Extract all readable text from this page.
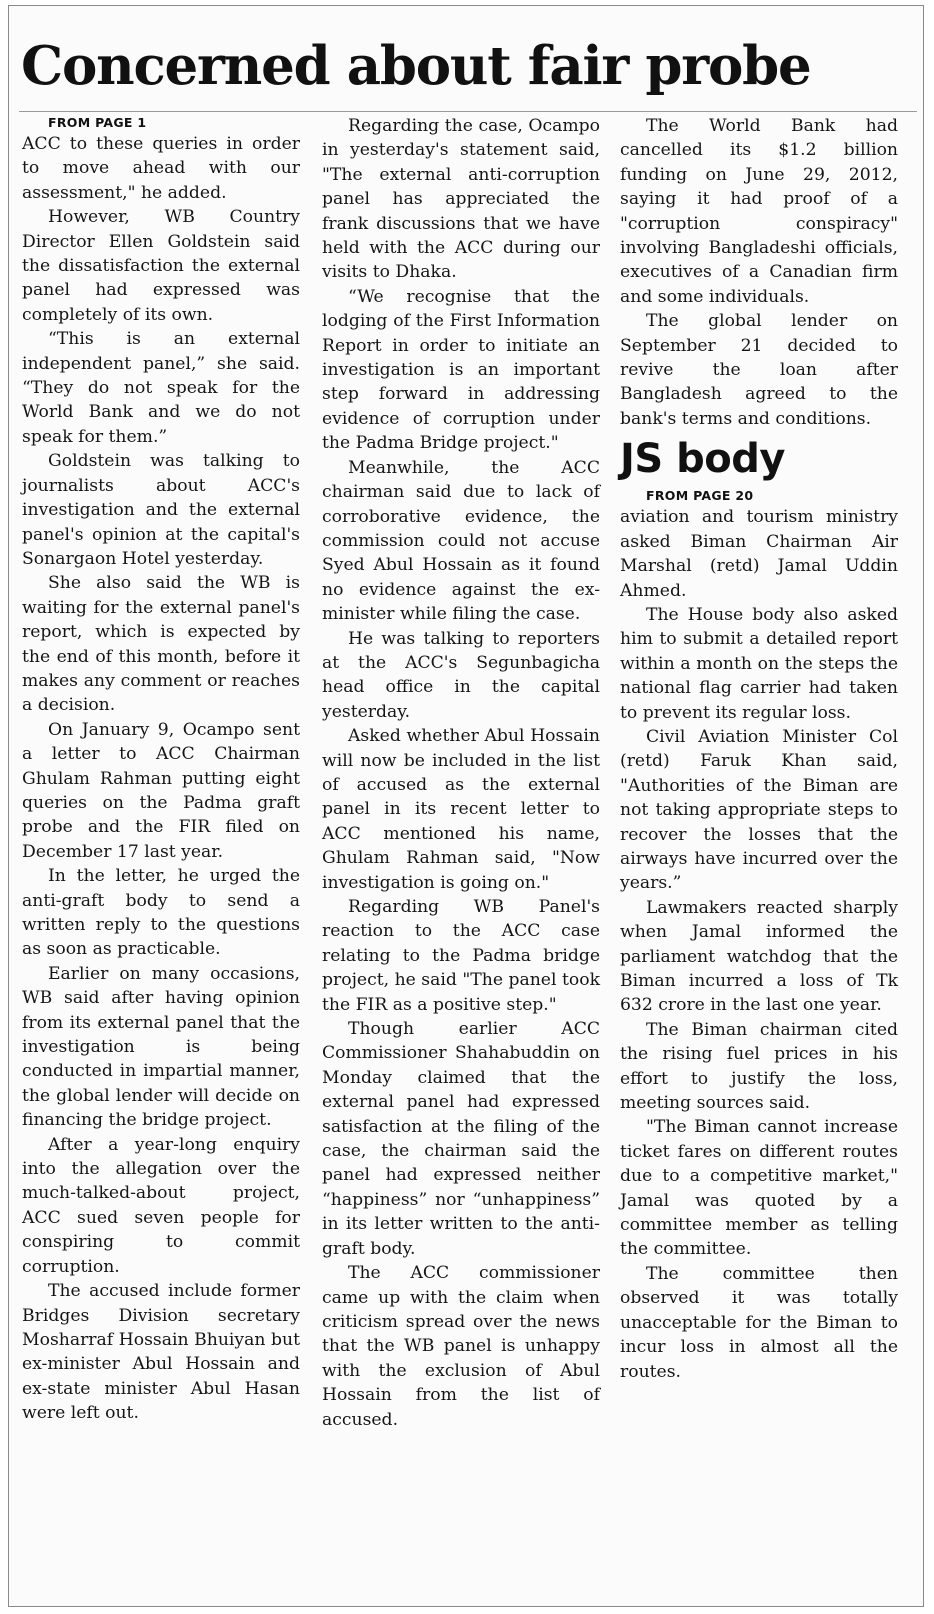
Concerned about fair probe

FROM PAGE 1

ACC to these queries in order to move ahead with our assessment," he added.

However, WB Country Director Ellen Goldstein said the dissatisfaction the external panel had expressed was completely of its own.

“This is an external independent panel,” she said. “They do not speak for the World Bank and we do not speak for them.”

Goldstein was talking to journalists about ACC's investigation and the external panel's opinion at the capital's Sonargaon Hotel yesterday.

She also said the WB is waiting for the external panel's report, which is expected by the end of this month, before it makes any comment or reaches a decision.

On January 9, Ocampo sent a letter to ACC Chairman Ghulam Rahman putting eight queries on the Padma graft probe and the FIR filed on December 17 last year.

In the letter, he urged the anti-graft body to send a written reply to the questions as soon as practicable.

Earlier on many occasions, WB said after having opinion from its external panel that the investigation is being conducted in impartial manner, the global lender will decide on financing the bridge project.

After a year-long enquiry into the allegation over the much-talked-about project, ACC sued seven people for conspiring to commit corruption.

The accused include former Bridges Division secretary Mosharraf Hossain Bhuiyan but ex-minister Abul Hossain and ex-state minister Abul Hasan were left out.

Regarding the case, Ocampo in yesterday's statement said, "The external anti-corruption panel has appreciated the frank discussions that we have held with the ACC during our visits to Dhaka.

“We recognise that the lodging of the First Information Report in order to initiate an investigation is an important step forward in addressing evidence of corruption under the Padma Bridge project."

Meanwhile, the ACC chairman said due to lack of corroborative evidence, the commission could not accuse Syed Abul Hossain as it found no evidence against the ex-minister while filing the case.

He was talking to reporters at the ACC's Segunbagicha head office in the capital yesterday.

Asked whether Abul Hossain will now be included in the list of accused as the external panel in its recent letter to ACC mentioned his name, Ghulam Rahman said, "Now investigation is going on."

Regarding WB Panel's reaction to the ACC case relating to the Padma bridge project, he said "The panel took the FIR as a positive step."

Though earlier ACC Commissioner Shahabuddin on Monday claimed that the external panel had expressed satisfaction at the filing of the case, the chairman said the panel had expressed neither “happiness” nor “unhappiness” in its letter written to the anti-graft body.

The ACC commissioner came up with the claim when criticism spread over the news that the WB panel is unhappy with the exclusion of Abul Hossain from the list of accused.

The World Bank had cancelled its $1.2 billion funding on June 29, 2012, saying it had proof of a "corruption conspiracy" involving Bangladeshi officials, executives of a Canadian firm and some individuals.

The global lender on September 21 decided to revive the loan after Bangladesh agreed to the bank's terms and conditions.

JS body

FROM PAGE 20

aviation and tourism ministry asked Biman Chairman Air Marshal (retd) Jamal Uddin Ahmed.

The House body also asked him to submit a detailed report within a month on the steps the national flag carrier had taken to prevent its regular loss.

Civil Aviation Minister Col (retd) Faruk Khan said, "Authorities of the Biman are not taking appropriate steps to recover the losses that the airways have incurred over the years.”

Lawmakers reacted sharply when Jamal informed the parliament watchdog that the Biman incurred a loss of Tk 632 crore in the last one year.

The Biman chairman cited the rising fuel prices in his effort to justify the loss, meeting sources said.

"The Biman cannot increase ticket fares on different routes due to a competitive market," Jamal was quoted by a committee member as telling the committee.

The committee then observed it was totally unacceptable for the Biman to incur loss in almost all the routes.
